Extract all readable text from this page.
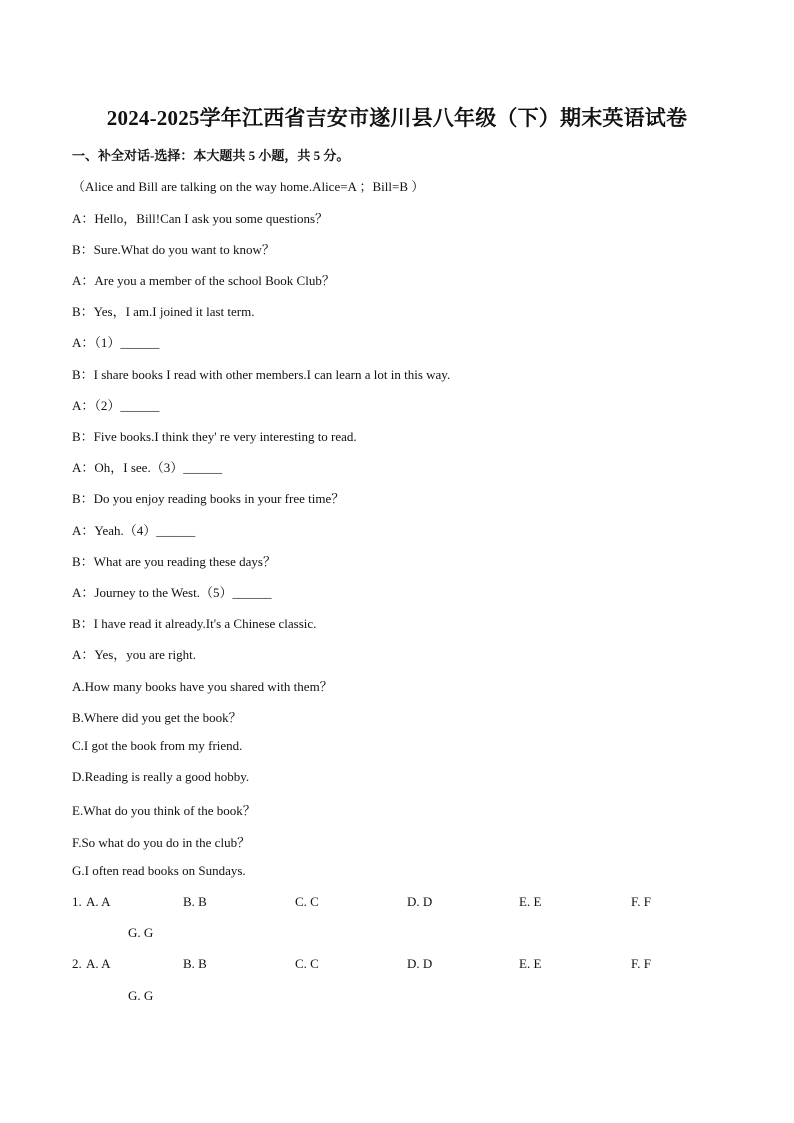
2024-2025学年江西省吉安市遂川县八年级（下）期末英语试卷
一、补全对话-选择：本大题共 5 小题，共 5 分。
（Alice and Bill are talking on the way home.Alice=A ；Bill=B ）
A：Hello，Bill!Can I ask you some questions？
B：Sure.What do you want to know？
A：Are you a member of the school Book Club？
B：Yes，I am.I joined it last term.
A：（1）______
B：I share books I read with other members.I can learn a lot in this way.
A：（2）______
B：Five books.I think they' re very interesting to read.
A：Oh，I see.（3）______
B：Do you enjoy reading books in your free time？
A：Yeah.（4）______
B：What are you reading these days？
A：Journey to the West.（5）______
B：I have read it already.It's a Chinese classic.
A：Yes，you are right.
A.How many books have you shared with them？
B.Where did you get the book？
C.I got the book from my friend.
D.Reading is really a good hobby.
E.What do you think of the book？
F.So what do you do in the club？
G.I often read books on Sundays.
1. A. A	B. B	C. C	D. D	E. E	F. F
G. G
2. A. A	B. B	C. C	D. D	E. E	F. F
G. G
